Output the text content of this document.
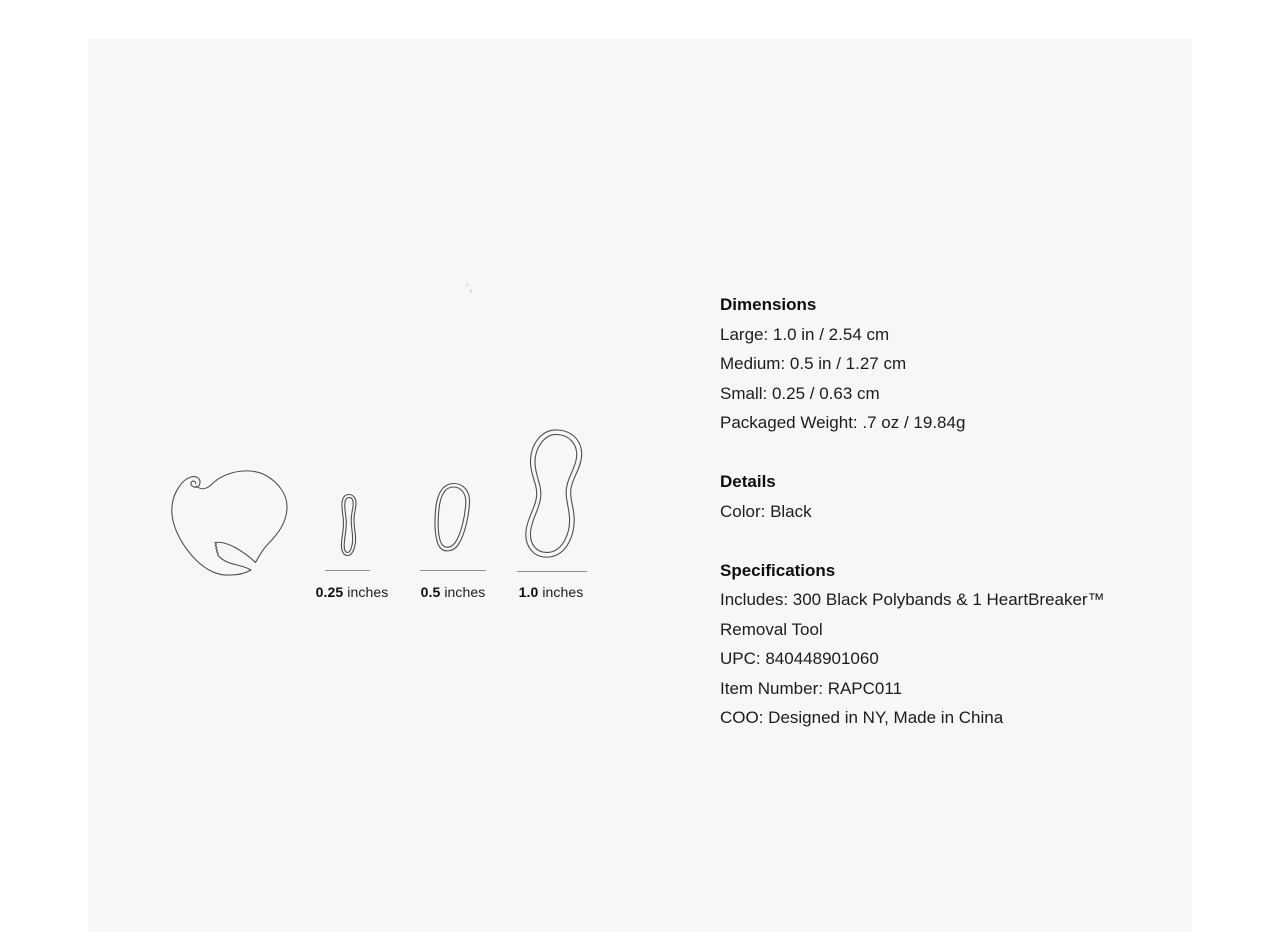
0.25 inches	0.5 inches	1.0 inches
Dimensions

Large: 1.0 in / 2.54 cm

Medium: 0.5 in / 1.27 cm

Small: 0.25 / 0.63 cm

Packaged Weight: .7 oz / 19.84g

Details

Color: Black

Specifications

Includes: 300 Black Polybands & 1 HeartBreaker™ Removal Tool

UPC: 840448901060

Item Number: RAPC011

COO: Designed in NY, Made in China
